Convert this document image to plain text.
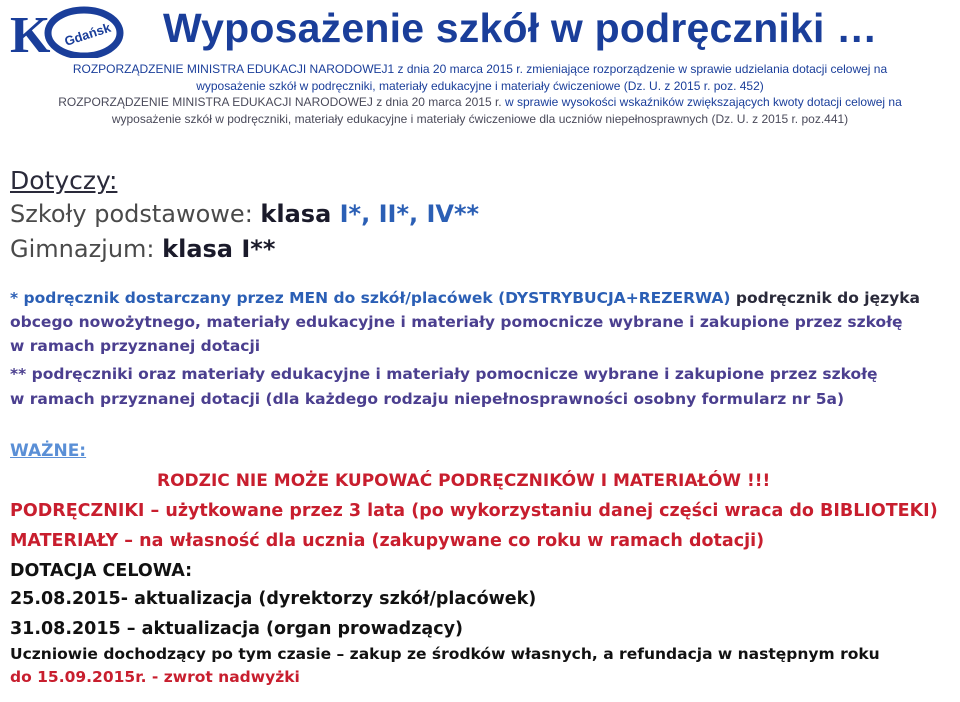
K Gdańsk Wyposażenie szkół w podręczniki …
ROZPORZĄDZENIE MINISTRA EDUKACJI NARODOWEJ1 z dnia 20 marca 2015 r. zmieniające rozporządzenie w sprawie udzielania dotacji celowej na
wyposażenie szkół w podręczniki, materiały edukacyjne i materiały ćwiczeniowe (Dz. U. z 2015 r. poz. 452)
ROZPORZĄDZENIE MINISTRA EDUKACJI NARODOWEJ z dnia 20 marca 2015 r. w sprawie wysokości wskaźników zwiększających kwoty dotacji celowej na
wyposażenie szkół w podręczniki, materiały edukacyjne i materiały ćwiczeniowe dla uczniów niepełnosprawnych (Dz. U. z 2015 r. poz.441)
Dotyczy:
Szkoły podstawowe: klasa I*, II*, IV**
Gimnazjum: klasa I**
* podręcznik dostarczany przez MEN do szkół/placówek (DYSTRYBUCJA+REZERWA) podręcznik do języka
obcego nowożytnego, materiały edukacyjne i materiały pomocnicze wybrane i zakupione przez szkołę
w ramach przyznanej dotacji
** podręczniki oraz materiały edukacyjne i materiały pomocnicze wybrane i zakupione przez szkołę
w ramach przyznanej dotacji (dla każdego rodzaju niepełnosprawności osobny formularz nr 5a)
WAŻNE:
RODZIC NIE MOŻE KUPOWAĆ PODRĘCZNIKÓW I MATERIAŁÓW !!!
PODRĘCZNIKI – użytkowane przez 3 lata (po wykorzystaniu danej części wraca do BIBLIOTEKI)
MATERIAŁY – na własność dla ucznia (zakupywane co roku w ramach dotacji)
DOTACJA CELOWA:
25.08.2015- aktualizacja (dyrektorzy szkół/placówek)
31.08.2015 – aktualizacja (organ prowadzący)
Uczniowie dochodzący po tym czasie – zakup ze środków własnych, a refundacja w następnym roku
do 15.09.2015r. - zwrot nadwyżki
